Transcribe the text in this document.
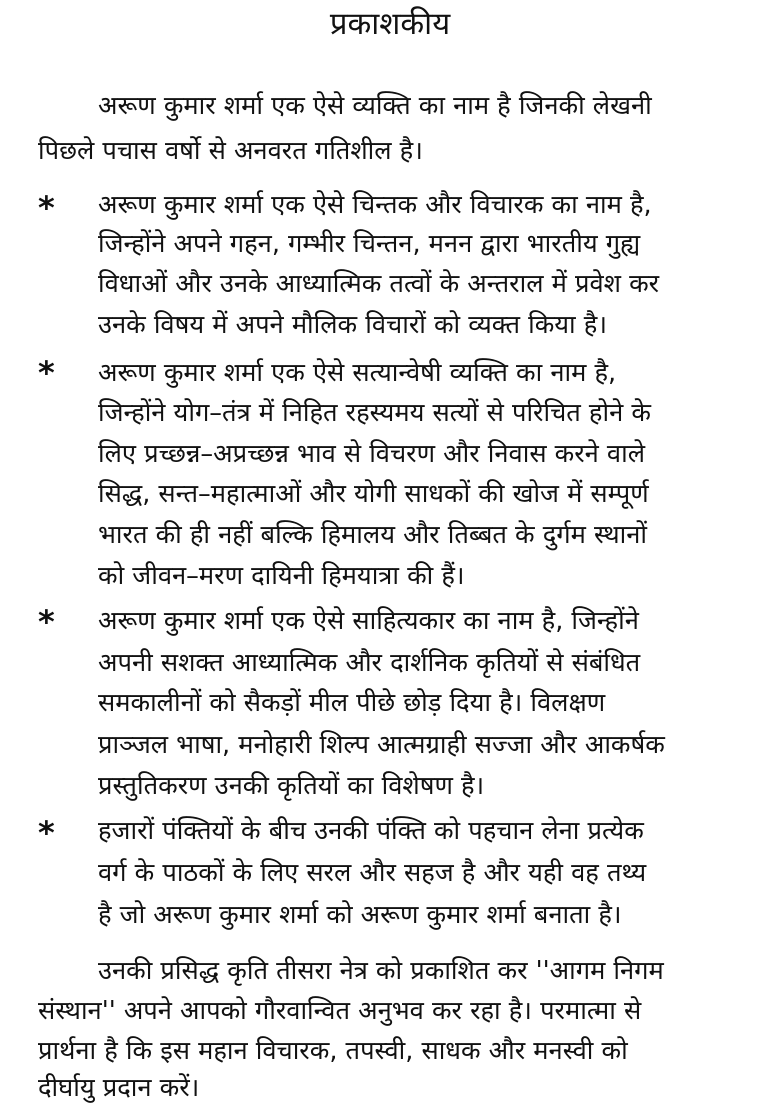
प्रकाशकीय
अरूण कुमार शर्मा एक ऐसे व्यक्ति का नाम है जिनकी लेखनी
पिछले पचास वर्षो से अनवरत गतिशील है।
* अरूण कुमार शर्मा एक ऐसे चिन्तक और विचारक का नाम है,
जिन्होंने अपने गहन, गम्भीर चिन्तन, मनन द्वारा भारतीय गुह्य
विधाओं और उनके आध्यात्मिक तत्वों के अन्तराल में प्रवेश कर
उनके विषय में अपने मौलिक विचारों को व्यक्त किया है।
* अरूण कुमार शर्मा एक ऐसे सत्यान्वेषी व्यक्ति का नाम है,
जिन्होंने योग–तंत्र में निहित रहस्यमय सत्यों से परिचित होने के
लिए प्रच्छन्न–अप्रच्छन्न भाव से विचरण और निवास करने वाले
सिद्ध, सन्त–महात्माओं और योगी साधकों की खोज में सम्पूर्ण
भारत की ही नहीं बल्कि हिमालय और तिब्बत के दुर्गम स्थानों
को जीवन–मरण दायिनी हिमयात्रा की हैं।
* अरूण कुमार शर्मा एक ऐसे साहित्यकार का नाम है, जिन्होंने
अपनी सशक्त आध्यात्मिक और दार्शनिक कृतियों से संबंधित
समकालीनों को सैकड़ों मील पीछे छोड़ दिया है। विलक्षण
प्राञ्जल भाषा, मनोहारी शिल्प आत्मग्राही सज्जा और आकर्षक
प्रस्तुतिकरण उनकी कृतियों का विशेषण है।
* हजारों पंक्तियों के बीच उनकी पंक्ति को पहचान लेना प्रत्येक
वर्ग के पाठकों के लिए सरल और सहज है और यही वह तथ्य
है जो अरूण कुमार शर्मा को अरूण कुमार शर्मा बनाता है।
उनकी प्रसिद्ध कृति तीसरा नेत्र को प्रकाशित कर ''आगम निगम
संस्थान'' अपने आपको गौरवान्वित अनुभव कर रहा है। परमात्मा से
प्रार्थना है कि इस महान विचारक, तपस्वी, साधक और मनस्वी को
दीर्घायु प्रदान करें।
